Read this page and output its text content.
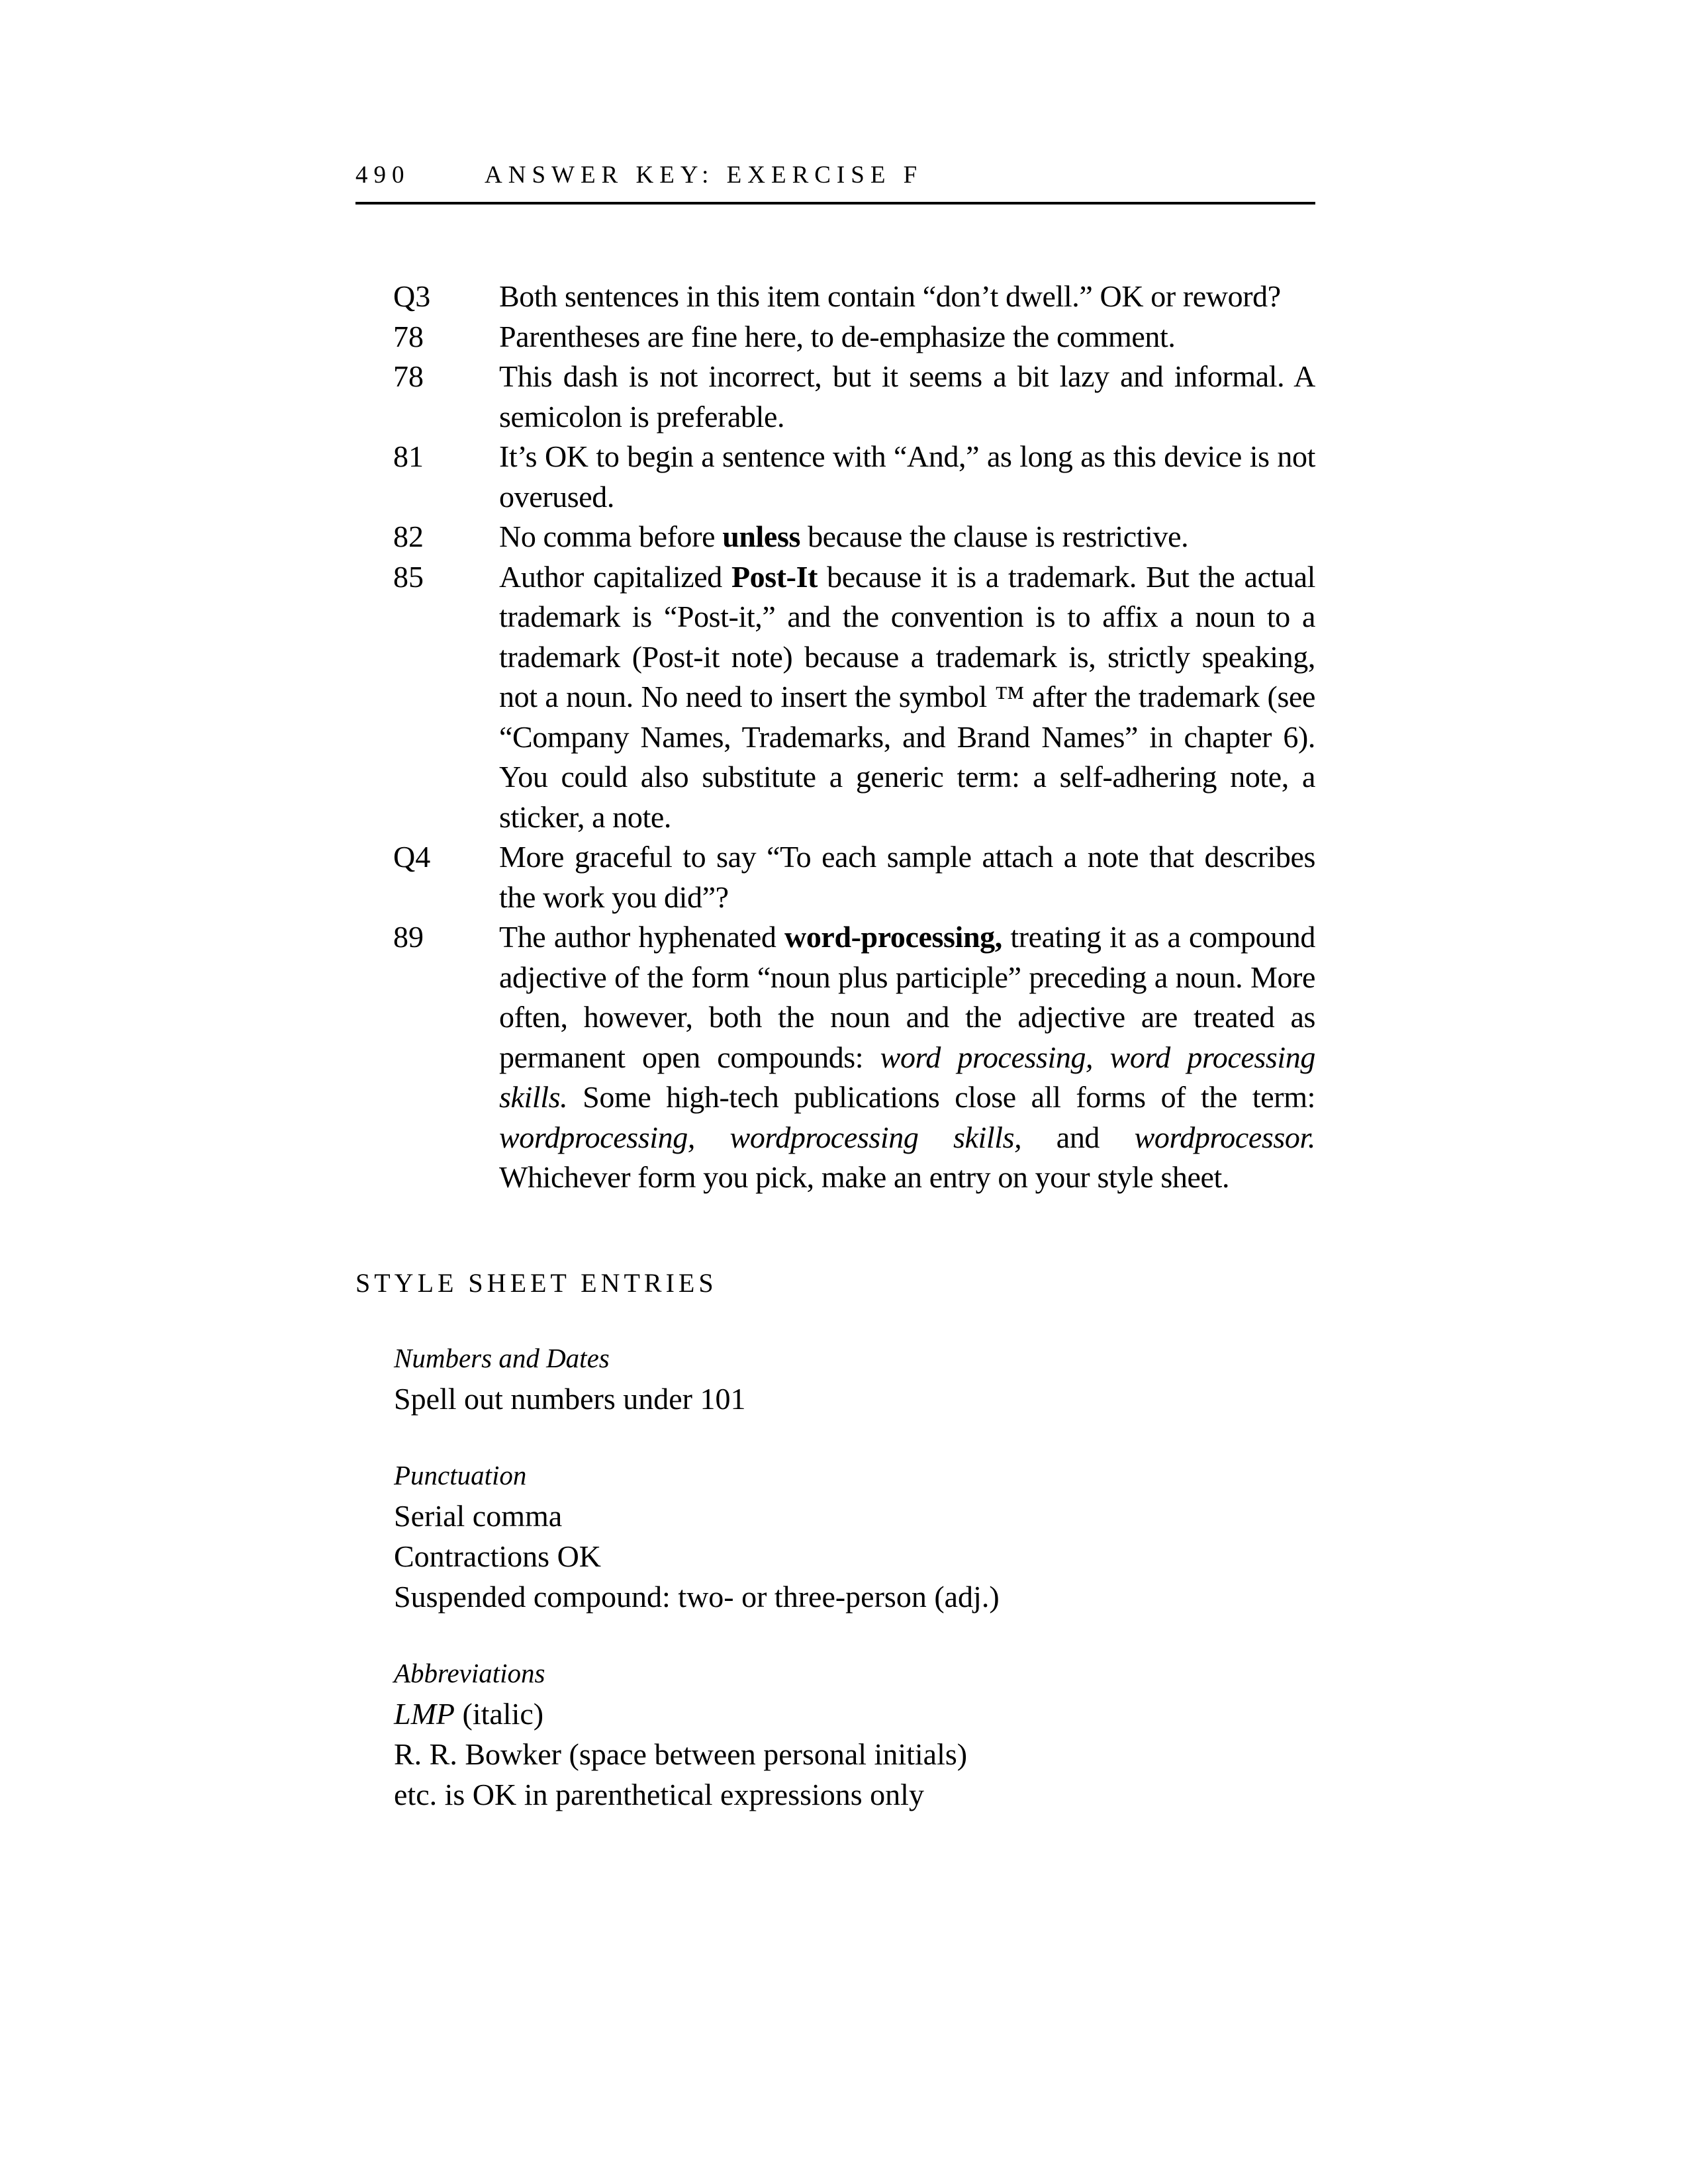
490	ANSWER KEY: EXERCISE F
Q3	Both sentences in this item contain “don’t dwell.” OK or reword?
78	Parentheses are fine here, to de-emphasize the comment.
78	This dash is not incorrect, but it seems a bit lazy and informal. A semicolon is preferable.
81	It’s OK to begin a sentence with “And,” as long as this device is not overused.
82	No comma before unless because the clause is restrictive.
85	Author capitalized Post-It because it is a trademark. But the actual trademark is “Post-it,” and the convention is to affix a noun to a trademark (Post-it note) because a trademark is, strictly speaking, not a noun. No need to insert the symbol ™ after the trademark (see “Company Names, Trademarks, and Brand Names” in chapter 6). You could also substitute a generic term: a self-adhering note, a sticker, a note.
Q4	More graceful to say “To each sample attach a note that describes the work you did”?
89	The author hyphenated word-processing, treating it as a compound adjective of the form “noun plus participle” preceding a noun. More often, however, both the noun and the adjective are treated as permanent open compounds: word processing, word processing skills. Some high-tech publications close all forms of the term: wordprocessing, wordprocessing skills, and wordprocessor. Whichever form you pick, make an entry on your style sheet.
STYLE SHEET ENTRIES
Numbers and Dates
Spell out numbers under 101
Punctuation
Serial comma
Contractions OK
Suspended compound: two- or three-person (adj.)
Abbreviations
LMP (italic)
R. R. Bowker (space between personal initials)
etc. is OK in parenthetical expressions only
